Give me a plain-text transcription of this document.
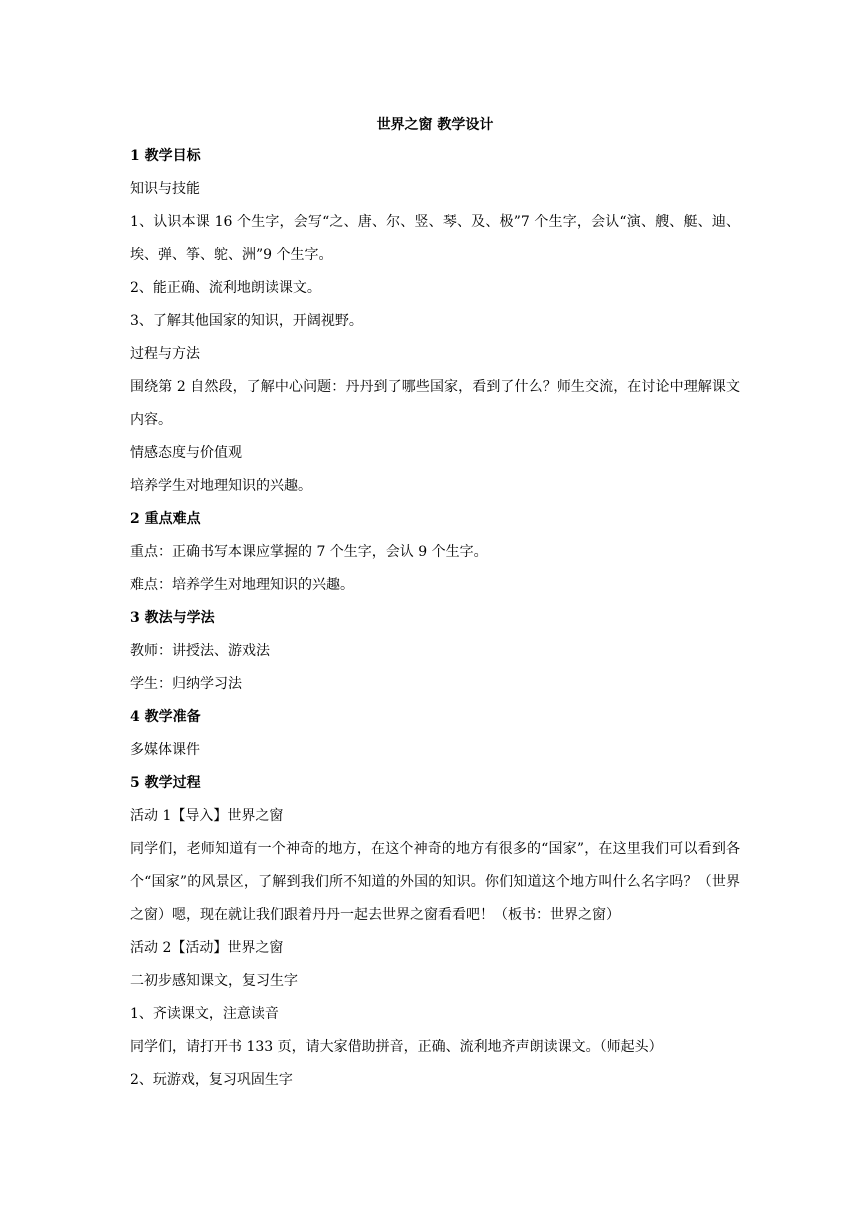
世界之窗 教学设计

1 教学目标

知识与技能

1、认识本课 16 个生字，会写“之、唐、尔、竖、琴、及、极”7 个生字，会认“演、艘、艇、迪、埃、弹、筝、鸵、洲”9 个生字。

2、能正确、流利地朗读课文。

3、了解其他国家的知识，开阔视野。

过程与方法

围绕第 2 自然段，了解中心问题：丹丹到了哪些国家，看到了什么？师生交流，在讨论中理解课文内容。

情感态度与价值观

培养学生对地理知识的兴趣。

2 重点难点

重点：正确书写本课应掌握的 7 个生字，会认 9 个生字。

难点：培养学生对地理知识的兴趣。

3 教法与学法

教师：讲授法、游戏法

学生：归纳学习法

4 教学准备

多媒体课件

5 教学过程

活动 1【导入】世界之窗

同学们，老师知道有一个神奇的地方，在这个神奇的地方有很多的“国家”，在这里我们可以看到各个“国家”的风景区，了解到我们所不知道的外国的知识。你们知道这个地方叫什么名字吗？（世界之窗）嗯，现在就让我们跟着丹丹一起去世界之窗看看吧！（板书：世界之窗）

活动 2【活动】世界之窗

二初步感知课文，复习生字

1、齐读课文，注意读音

同学们，请打开书 133 页，请大家借助拼音，正确、流利地齐声朗读课文。（师起头）

2、玩游戏，复习巩固生字
